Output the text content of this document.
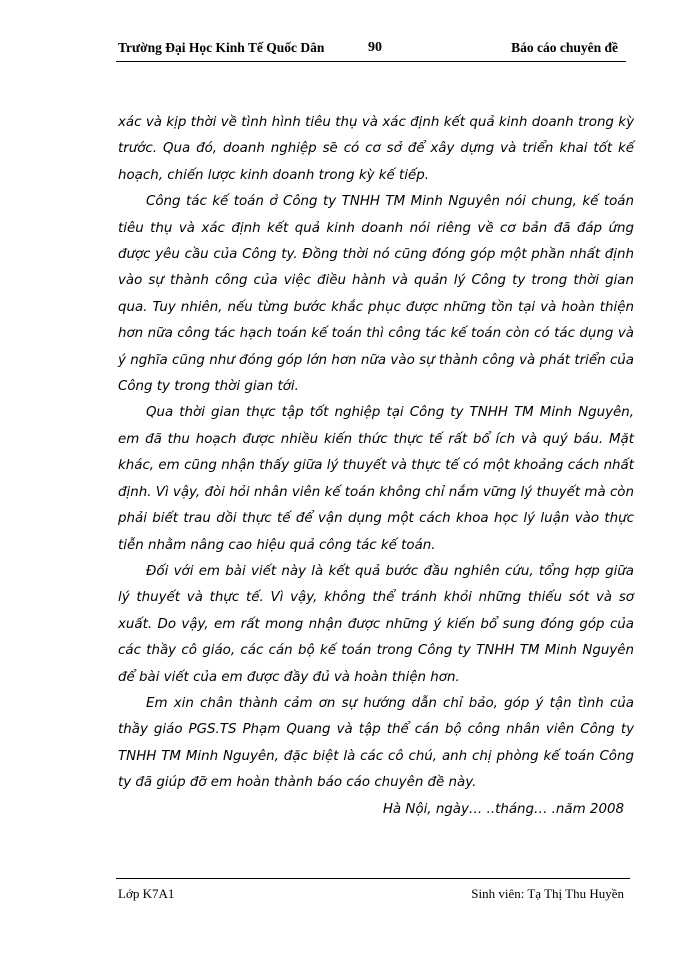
Trường Đại Học Kinh Tế Quốc Dân	90	Báo cáo chuyên đề

xác và kịp thời về tình hình tiêu thụ và xác định kết quả kinh doanh trong kỳ trước. Qua đó, doanh nghiệp sẽ có cơ sở để xây dựng và triển khai tốt kế hoạch, chiến lược kinh doanh trong kỳ kế tiếp.

Công tác kế toán ở Công ty TNHH TM Minh Nguyên nói chung, kế toán tiêu thụ và xác định kết quả kinh doanh nói riêng về cơ bản đã đáp ứng được yêu cầu của Công ty. Đồng thời nó cũng đóng góp một phần nhất định vào sự thành công của việc điều hành và quản lý Công ty trong thời gian qua. Tuy nhiên, nếu từng bước khắc phục được những tồn tại và hoàn thiện hơn nữa công tác hạch toán kế toán thì công tác kế toán còn có tác dụng và ý nghĩa cũng như đóng góp lớn hơn nữa vào sự thành công và phát triển của Công ty trong thời gian tới.

Qua thời gian thực tập tốt nghiệp tại Công ty TNHH TM Minh Nguyên, em đã thu hoạch được nhiều kiến thức thực tế rất bổ ích và quý báu. Mặt khác, em cũng nhận thấy giữa lý thuyết và thực tế có một khoảng cách nhất định. Vì vậy, đòi hỏi nhân viên kế toán không chỉ nắm vững lý thuyết mà còn phải biết trau dồi thực tế để vận dụng một cách khoa học lý luận vào thực tiễn nhằm nâng cao hiệu quả công tác kế toán.

Đối với em bài viết này là kết quả bước đầu nghiên cứu, tổng hợp giữa lý thuyết và thực tế. Vì vậy, không thể tránh khỏi những thiếu sót và sơ xuất. Do vậy, em rất mong nhận được những ý kiến bổ sung đóng góp của các thầy cô giáo, các cán bộ kế toán trong Công ty TNHH TM Minh Nguyên để bài viết của em được đầy đủ và hoàn thiện hơn.

Em xin chân thành cảm ơn sự hướng dẫn chỉ bảo, góp ý tận tình của thầy giáo PGS.TS Phạm Quang và tập thể cán bộ công nhân viên Công ty TNHH TM Minh Nguyên, đặc biệt là các cô chú, anh chị phòng kế toán Công ty đã giúp đỡ em hoàn thành báo cáo chuyên đề này.

Hà Nội, ngày… ..tháng… .năm 2008

Lớp K7A1	Sinh viên: Tạ Thị Thu Huyền
